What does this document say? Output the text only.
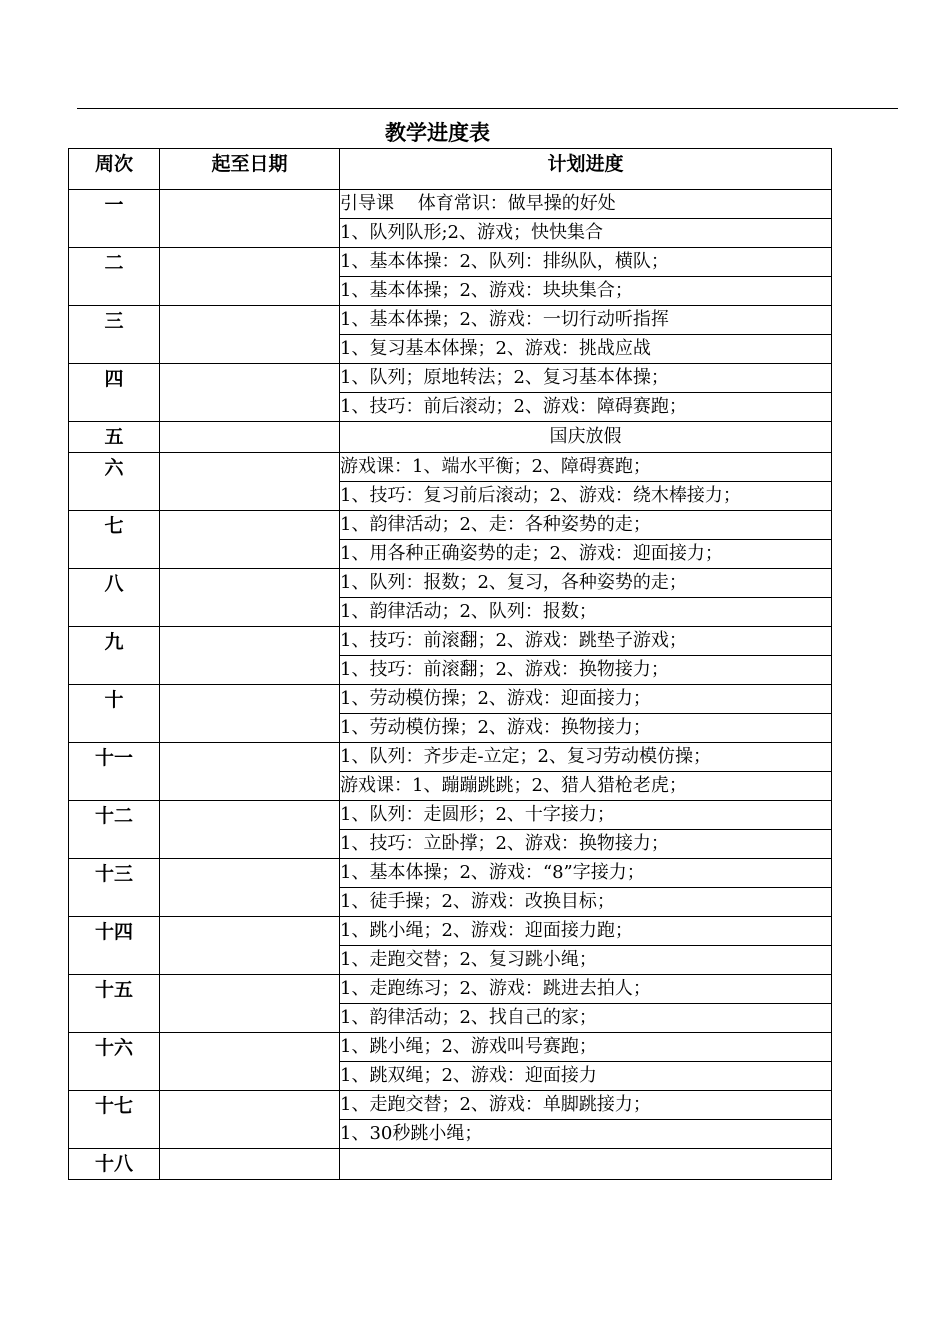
教学进度表
周次	起至日期	计划进度
一		引导课　 体育常识：做早操的好处
		1、队列队形;2、游戏；快快集合
二		1、基本体操：2、队列：排纵队，横队；
		1、基本体操；2、游戏：块块集合；
三		1、基本体操；2、游戏：一切行动听指挥
		1、复习基本体操；2、游戏：挑战应战
四		1、队列；原地转法；2、复习基本体操；
		1、技巧：前后滚动；2、游戏：障碍赛跑；
五		国庆放假
六		游戏课：1、端水平衡；2、障碍赛跑；
		1、技巧：复习前后滚动；2、游戏：绕木棒接力；
七		1、韵律活动；2、走：各种姿势的走；
		1、用各种正确姿势的走；2、游戏：迎面接力；
八		1、队列：报数；2、复习，各种姿势的走；
		1、韵律活动；2、队列：报数；
九		1、技巧：前滚翻；2、游戏：跳垫子游戏；
		1、技巧：前滚翻；2、游戏：换物接力；
十		1、劳动模仿操；2、游戏：迎面接力；
		1、劳动模仿操；2、游戏：换物接力；
十一		1、队列：齐步走-立定；2、复习劳动模仿操；
		游戏课：1、蹦蹦跳跳；2、猎人猎枪老虎；
十二		1、队列：走圆形；2、十字接力；
		1、技巧：立卧撑；2、游戏：换物接力；
十三		1、基本体操；2、游戏：“8”字接力；
		1、徒手操；2、游戏：改换目标；
十四		1、跳小绳；2、游戏：迎面接力跑；
		1、走跑交替；2、复习跳小绳；
十五		1、走跑练习；2、游戏：跳进去拍人；
		1、韵律活动；2、找自己的家；
十六		1、跳小绳；2、游戏叫号赛跑；
		1、跳双绳；2、游戏：迎面接力
十七		1、走跑交替；2、游戏：单脚跳接力；
		1、30秒跳小绳；
十八		
